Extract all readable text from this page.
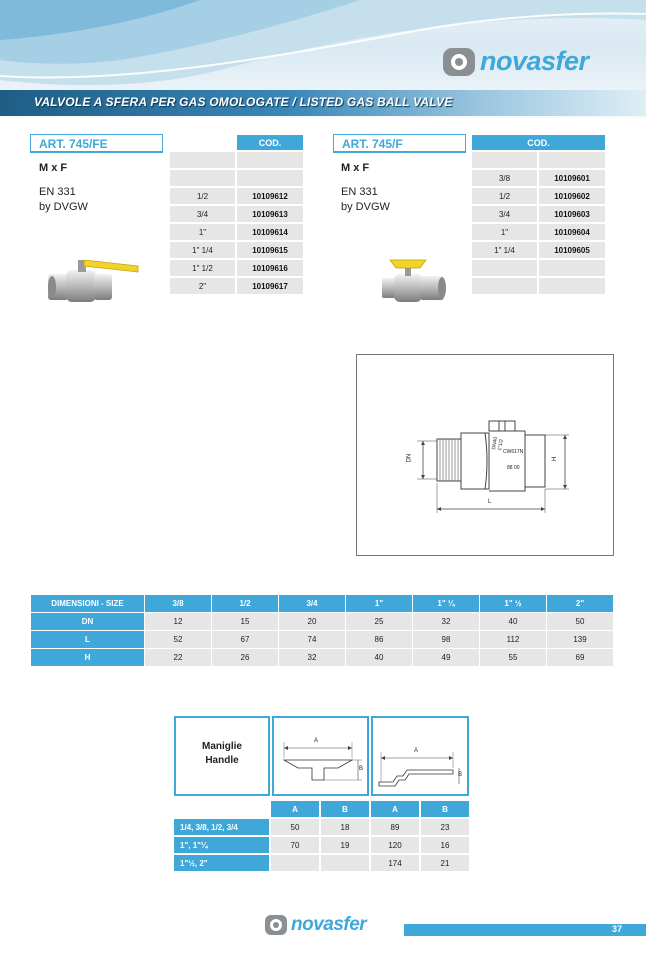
VALVOLE A SFERA PER GAS OMOLOGATE / LISTED GAS BALL VALVE
novasfer
ART. 745/FE
M x F
EN 331
by DVGW
	COD.

1/2	10109612
3/4	10109613
1"	10109614
1" 1/4	10109615
1" 1/2	10109616
2"	10109617
ART. 745/F
M x F
EN 331
by DVGW
COD.	

3/8	10109601
1/2	10109602
3/4	10109603
1"	10109604
1" 1/4	10109605

DN	H
L
DN40
1"1/2
CW617N
88 00
DIMENSIONI - SIZE	3/8	1/2	3/4	1"	1" ¼	1" ½	2"
DN	12	15	20	25	32	40	50
L	52	67	74	86	98	112	139
H	22	26	32	40	49	55	69
Maniglie
Handle
A
B
A
B
	A	B	A	B
1/4, 3/8, 1/2, 3/4	50	18	89	23
1", 1"¼	70	19	120	16
1"½, 2"			174	21
novasfer	37
